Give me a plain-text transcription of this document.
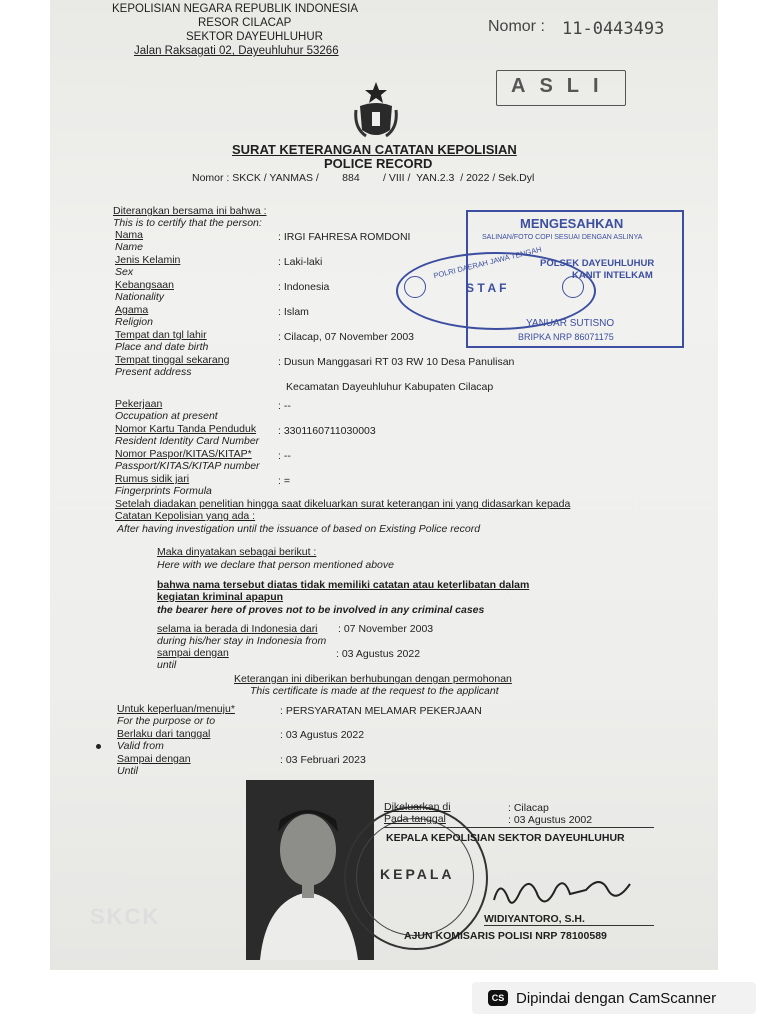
KEPOLISIAN NEGARA REPUBLIK INDONESIA
RESOR CILACAP
SEKTOR DAYEUHLUHUR
Jalan Raksagati 02, Dayeuhluhur 53266
Nomor : 11-0443493
ASLI
SURAT KETERANGAN CATATAN KEPOLISIAN
POLICE RECORD
Nomor : SKCK / YANMAS /        884        / VIII /  YAN.2.3  / 2022 / Sek.Dyl
Diterangkan bersama ini bahwa :
This is to certify that the person:
Nama
Name
: IRGI FAHRESA ROMDONI
Jenis Kelamin
Sex
: Laki-laki
Kebangsaan
Nationality
: Indonesia
Agama
Religion
: Islam
Tempat dan tgl lahir
Place and date birth
: Cilacap, 07 November 2003
Tempat tinggal sekarang
Present address
: Dusun Manggasari RT 03 RW 10 Desa Panulisan
Kecamatan Dayeuhluhur Kabupaten Cilacap
Pekerjaan
Occupation at present
: --
Nomor Kartu Tanda Penduduk
Resident Identity Card Number
: 3301160711030003
Nomor Paspor/KITAS/KITAP*
Passport/KITAS/KITAP number
: --
Rumus sidik jari
Fingerprints Formula
: =
Setelah diadakan penelitian hingga saat dikeluarkan surat keterangan ini yang didasarkan kepada
Catatan Kepolisian yang ada :
After having investigation until the issuance of based on Existing Police record
Maka dinyatakan sebagai berikut :
Here with we declare that person mentioned above
bahwa nama tersebut diatas tidak memiliki catatan atau keterlibatan dalam
kegiatan kriminal apapun
the bearer here of proves not to be involved in any criminal cases
selama ia berada di Indonesia dari : 07 November 2003
during his/her stay in Indonesia from
sampai dengan	: 03 Agustus 2022
until
Keterangan ini diberikan berhubungan dengan permohonan
This certificate is made at the request to the applicant
Untuk keperluan/menuju*
For the purpose or to
: PERSYARATAN MELAMAR PEKERJAAN
Berlaku dari tanggal
Valid from
: 03 Agustus 2022
Sampai dengan
Until
: 03 Februari 2023
MENGESAHKAN
SALINAN/FOTO COPI SESUAI DENGAN ASLINYA
POLSEK DAYEUHLUHUR
KANIT INTELKAM
YANUAR SUTISNO
BRIPKA NRP 86071175
POLRI DAERAH JAWA TENGAH
S T A F
KEPALA
Dikeluarkan di	: Cilacap
Pada tanggal	: 03 Agustus 2002
KEPALA KEPOLISIAN SEKTOR DAYEUHLUHUR
WIDIYANTORO, S.H.
AJUN KOMISARIS POLISI NRP 78100589
SKCK
CS Dipindai dengan CamScanner
